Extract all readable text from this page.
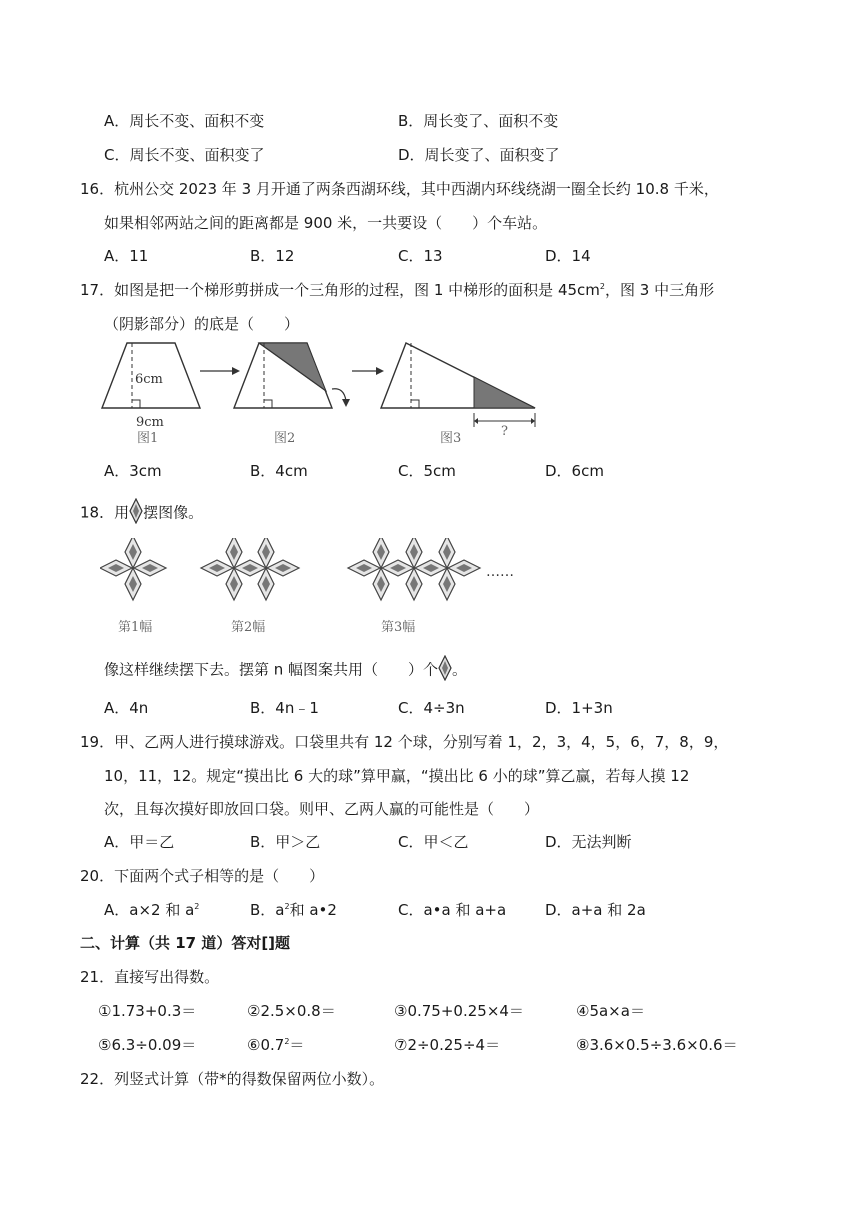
A．周长不变、面积不变	B．周长变了、面积不变
C．周长不变、面积变了	D．周长变了、面积变了
16．杭州公交 2023 年 3 月开通了两条西湖环线，其中西湖内环线绕湖一圈全长约 10.8 千米，
如果相邻两站之间的距离都是 900 米，一共要设（　　）个车站。
A．11	B．12	C．13	D．14
17．如图是把一个梯形剪拼成一个三角形的过程，图 1 中梯形的面积是 $45cm^2$，图 3 中三角形
（阴影部分）的底是（　　）
6cm
9cm
图1	图2	?
图3
A．3cm	B．4cm	C．5cm	D．6cm
18．用 摆图像。
第1幅	第2幅	第3幅
……
像这样继续摆下去。摆第 n 幅图案共用（　　）个 。
A．4n	B．4n﹣1	C．4÷3n	D．1+3n
19．甲、乙两人进行摸球游戏。口袋里共有 12 个球，分别写着 1，2，3，4，5，6，7，8，9，
10，11，12。规定“摸出比 6 大的球”算甲赢，“摸出比 6 小的球”算乙赢，若每人摸 12
次，且每次摸好即放回口袋。则甲、乙两人赢的可能性是（　　）
A．甲＝乙	B．甲＞乙	C．甲＜乙	D．无法判断
20．下面两个式子相等的是（　　）
A．a×2 和 $a^2$	B．$a^2$和 a•2	C．a•a 和 a+a	D．a+a 和 2a
二、计算（共 17 道）答对[]题
21．直接写出得数。
①1.73+0.3＝	②2.5×0.8＝	③0.75+0.25×4＝	④5a×a＝
⑤6.3÷0.09＝	$⑥0.7^2=$	⑦2÷0.25÷4＝	⑧3.6×0.5÷3.6×0.6＝
22．列竖式计算（带*的得数保留两位小数）。
